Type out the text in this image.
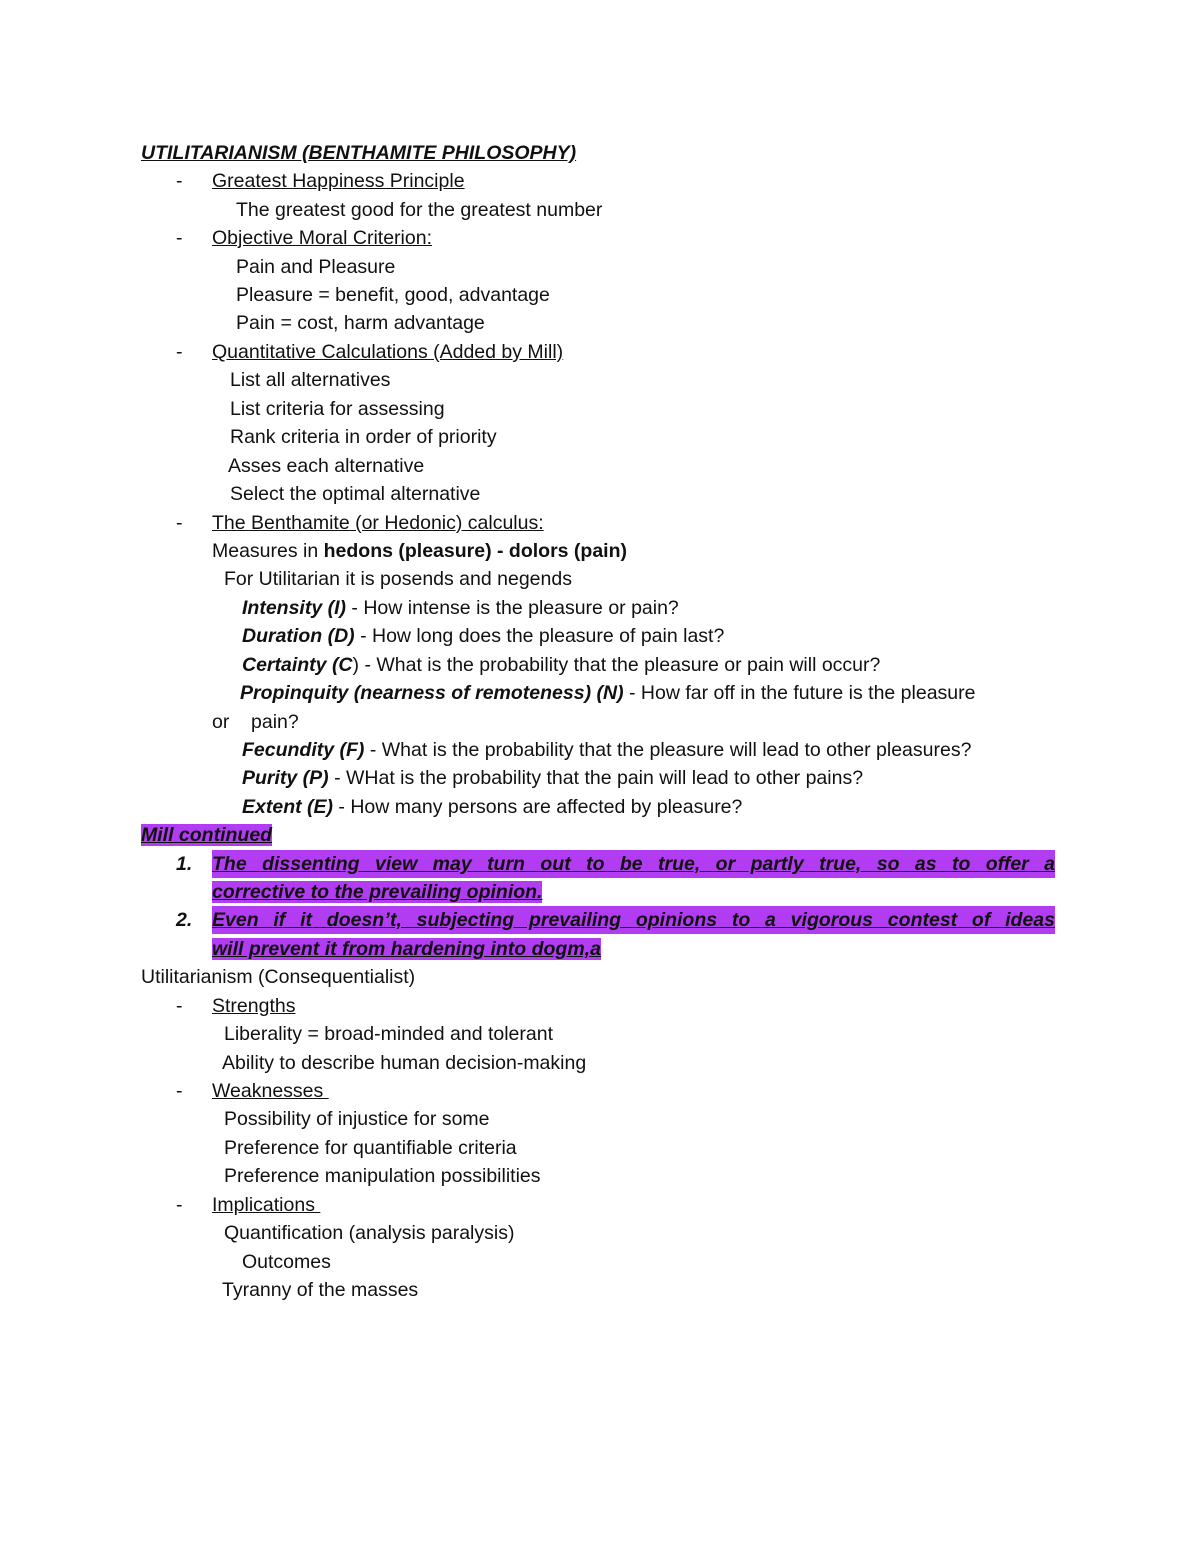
UTILITARIANISM (BENTHAMITE PHILOSOPHY)
- Greatest Happiness Principle
The greatest good for the greatest number
- Objective Moral Criterion:
Pain and Pleasure
Pleasure = benefit, good, advantage
Pain = cost, harm advantage
- Quantitative Calculations (Added by Mill)
List all alternatives
List criteria for assessing
Rank criteria in order of priority
Asses each alternative
Select the optimal alternative
- The Benthamite (or Hedonic) calculus:
Measures in hedons (pleasure) - dolors (pain)
For Utilitarian it is posends and negends
Intensity (I) - How intense is the pleasure or pain?
Duration (D) - How long does the pleasure of pain last?
Certainty (C) - What is the probability that the pleasure or pain will occur?
Propinquity (nearness of remoteness) (N) - How far off in the future is the pleasure
or    pain?
Fecundity (F) - What is the probability that the pleasure will lead to other pleasures?
Purity (P) - WHat is the probability that the pain will lead to other pains?
Extent (E) - How many persons are affected by pleasure?
Mill continued
1. The dissenting view may turn out to be true, or partly true, so as to offer a
corrective to the prevailing opinion.
2. Even if it doesn’t, subjecting prevailing opinions to a vigorous contest of ideas
will prevent it from hardening into dogm,a
Utilitarianism (Consequentialist)
- Strengths
Liberality = broad-minded and tolerant
Ability to describe human decision-making
- Weaknesses
Possibility of injustice for some
Preference for quantifiable criteria
Preference manipulation possibilities
- Implications
Quantification (analysis paralysis)
Outcomes
Tyranny of the masses
